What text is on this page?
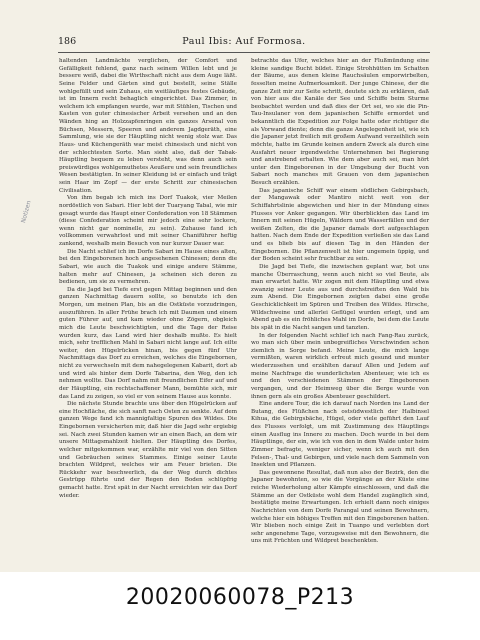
186	Paul Ibis: Auf Formosa.
Notizen

haltenden Landmächte verglichen, der Comfort und Gefälligkeit fehlend, ganz nach seinem Willen lebt und je bessere weiß, dabei die Wirthschaft nicht aus dem Auge läßt. Seine Felder und Gärten sind gut bestellt, seine Ställe wohlgefüllt und sein Zuhaus, ein weitläufiges festes Gebäude, ist im Innern recht behaglich eingerichtet. Das Zimmer, in welchem ich empfangen wurde, war mit Stühlen, Tischen und Kasten von guter chinesischer Arbeit versehen und an den Wänden hing an Holzzapfenringen ein ganzes Arsenal von Büchsen, Messern, Speeren und anderem Jagdgeräth, eine Sammlung, wie sie der Häuptling nicht wenig stolz war. Das Haus- und Küchengeräth war meist chinesisch und nicht von der schlechtesten Sorte. Man sieht also, daß der Tabak-Häuptling bequem zu leben versteht, was denn auch sein preiswürdiges wohlgemuthetes Aeußere und sein freundliches Wesen bestätigten. In seiner Kleidung ist er einfach und trägt sein Haar im Zopf — der erste Schritt zur chinesischen Civilisation.

Von ihm begab ich mich ins Dorf Tuakok, vier Meilen nordöstlich von Sabari. Hier lebt der Tuaryang Tabal, wie mir gesagt wurde das Haupt einer Confederation von 18 Stämmen (diese Confederation scheint mir jedoch eine sehr lockere, wenn nicht gar nominelle, zu sein). Zuhause fand ich vollkommen verwahrlost und mit seiner Chaniführer heftig zankend, weshalb mein Besuch von nur kurzer Dauer war.

Die Nacht schlief ich im Dorfe Sabari im Hause eines alten, bei den Eingeborenen hoch angesehenen Chinesen; denn die Sabari, wie auch die Tuakok und einige andere Stämme, halten mehr auf Chinesen, ja scheinen sich deren zu bedienen, um sie zu vermehren.

Da die Jagd bei Tiefe erst gegen Mittag beginnen und den ganzen Nachmittag dauern sollte, so benutzte ich den Morgen, um meinen Plan, bis an die Ostküste vorzudringen, auszuführen. In aller Frühe brach ich mit Daumen und einem guten Führer auf, und kam wieder ohne Zögern, obgleich mich die Leute beschwichtigten, und die Tage der Reise wurden kurz, das Land wird hier deshalb mußte. Es hielt mich, sehr trefflichen Mahl in Sabari nicht lange auf. Ich eilte weiter, den Hügelrücken hinan, bis gegen fünf Uhr Nachmittags das Dorf zu erreichen, welches die Eingebornen, nicht zu verwechseln mit dem nahegelegenen Kabarit, dort ab und wird als hinter dem Dorfe Tabarina, den Weg, den ich nehmen wollte. Das Dorf nahm mit freundlichen Eifer auf und der Häuptling, ein rechtschaffener Mann, bemühte sich, mir das Land zu zeigen, so viel er von seinem Hause aus konnte.

Die nächste Stunde brachte uns über den Hügelrücken auf eine Hochfläche, die sich sanft nach Osten zu senkte. Auf dem ganzen Wege fand ich mannigfaltige Spuren des Wildes. Die Eingebornen versicherten mir, daß hier die Jagd sehr ergiebig sei. Nach zwei Stunden kamen wir an einen Bach, an dem wir unsere Mittagsmahlzeit hielten. Der Häuptling des Dorfes, welcher mitgekommen war, erzählte mir viel von den Sitten und Gebräuchen seines Stammes. Einige seiner Leute brachten Wildpret, welches wir am Feuer brieten. Die Rückkehr war beschwerlich, da der Weg durch dichtes Gestrüpp führte und der Regen den Boden schlüpfrig gemacht hatte. Erst spät in der Nacht erreichten wir das Dorf wieder.

betrachte das Ufer, welches hier an der Flußmündung eine kleine sandige Bucht bildet. Einige Strohhütten im Schatten der Bäume, aus denen kleine Rauchsäulen emporwirbelten, fesselten meine Aufmerksamkeit. Der junge Chinese, der die ganze Zeit mir zur Seite schritt, deutete sich zu erklären, daß von hier aus die Kanäle der See und Schiffe beim Sturme beobachtet werden und daß dies der Ort sei, wo sie die Pin-Tau-Insulaner von dem japanischen Schiffe ermordet und bekanntlich die Expedition zur Folge hatte oder richtiger die als Vorwand diente; denn die ganze Angelegenheit ist, wie ich die Japaner jetzt freilich mit großem Aufwand verzeihlich sein möchte, hatte im Grunde keinen andern Zweck als durch eine Ausfahrt neuer irgendwelche Unternehmen bei Regierung und anstrebend erhalten. Wie dem aber auch sei, man hört unter den Eingeborenen in der Umgebung der Bucht von Sabari noch manches mit Grauen von dem japanischen Besuch erzählen.

Das japanische Schiff war einem südlichen Gebirgsbach, der Mangawak oder Mantiro nicht weit von der Schiffahrtslinie abgewichen und hier in der Mündung eines Flusses vor Anker gegangen. Wir überblickten das Land im Innern mit seinen Hügeln, Wäldern und Wasserfällen und der weißen Zelten, die die Japaner damals dort aufgeschlagen hatten. Nach dem Ende der Expedition verließen sie das Land und es blieb bis auf diesen Tag in den Händen der Eingebornen. Die Pflanzenwelt ist hier ungemein üppig, und der Boden scheint sehr fruchtbar zu sein.

Die Jagd bei Tiefe, die inzwischen geplant war, bot uns manche Überraschung, wenn auch nicht so viel Beute, als man erwartet hatte. Wir zogen mit dem Häuptling und etwa zwanzig seiner Leute aus und durchstreiften den Wald bis zum Abend. Die Eingebornen zeigten dabei eine große Geschicklichkeit im Spüren und Treiben des Wildes. Hirsche, Wildschweine und allerlei Geflügel wurden erlegt, und am Abend gab es ein fröhliches Mahl im Dorfe, bei dem die Leute bis spät in die Nacht sangen und tanzten.

In der folgenden Nacht schlief ich nach Fang-Rau zurück, wo man sich über mein unbegreifliches Verschwinden schon ziemlich in Sorge befand. Meine Leute, die mich lange vermißten, waren wirklich erfreut mich gesund und munter wiederzusehen und erzählten darauf Allen und Jedem auf meine Nachfrage die wunderlichsten Abenteuer, wie ich es und den verschiedenen Stämmen der Eingeborenen vergangen, und der Heimweg über die Berge wurde von ihnen gern als ein großes Abenteuer geschildert.

Eine andere Tour, die ich darauf nach Norden ins Land der Butang, des Flüßchen nach ostsüdwestlich der Halbinsel Kihua, die Gebirgsbäche, Hügel, oder viele geführt den Lauf des Flusses verfolgt, um mit Zustimmung des Häuptlings einen Ausflug ins Innere zu machen. Doch wurde in bei dem Häuptlinge, der ein, wie ich von den in dem Walde unter heim Zimmer befragte, weniger sicher, wenn ich auch mit den Felsen-, Thal- und Gebirgen, und viele nach dem Sammeln von Insekten und Pflanzen.

Das gewonnene Resultat, daß nun also der Bezirk, den die Japaner bewohnten, so wie die Vorgänge an der Küste eine reiche Wiederholung alter Kämpfe einschlossen, und daß die Stämme an der Ostküste wohl dem Handel zugänglich sind, bestätigte meine Erwartungen. Ich erhielt dann noch einiges Nachrichten von dem Dorfe Parangal und seinen Bewohnern, welche hier ein höhiges Treffen mit den Eingeborenen hatten. Wir blieben noch einige Zeit in Tuanpo und verlebten dort sehr angenehme Tage, vorzugsweise mit den Bewohnern, die uns mit Früchten und Wildpret beschenkten.

20020060078_P213
